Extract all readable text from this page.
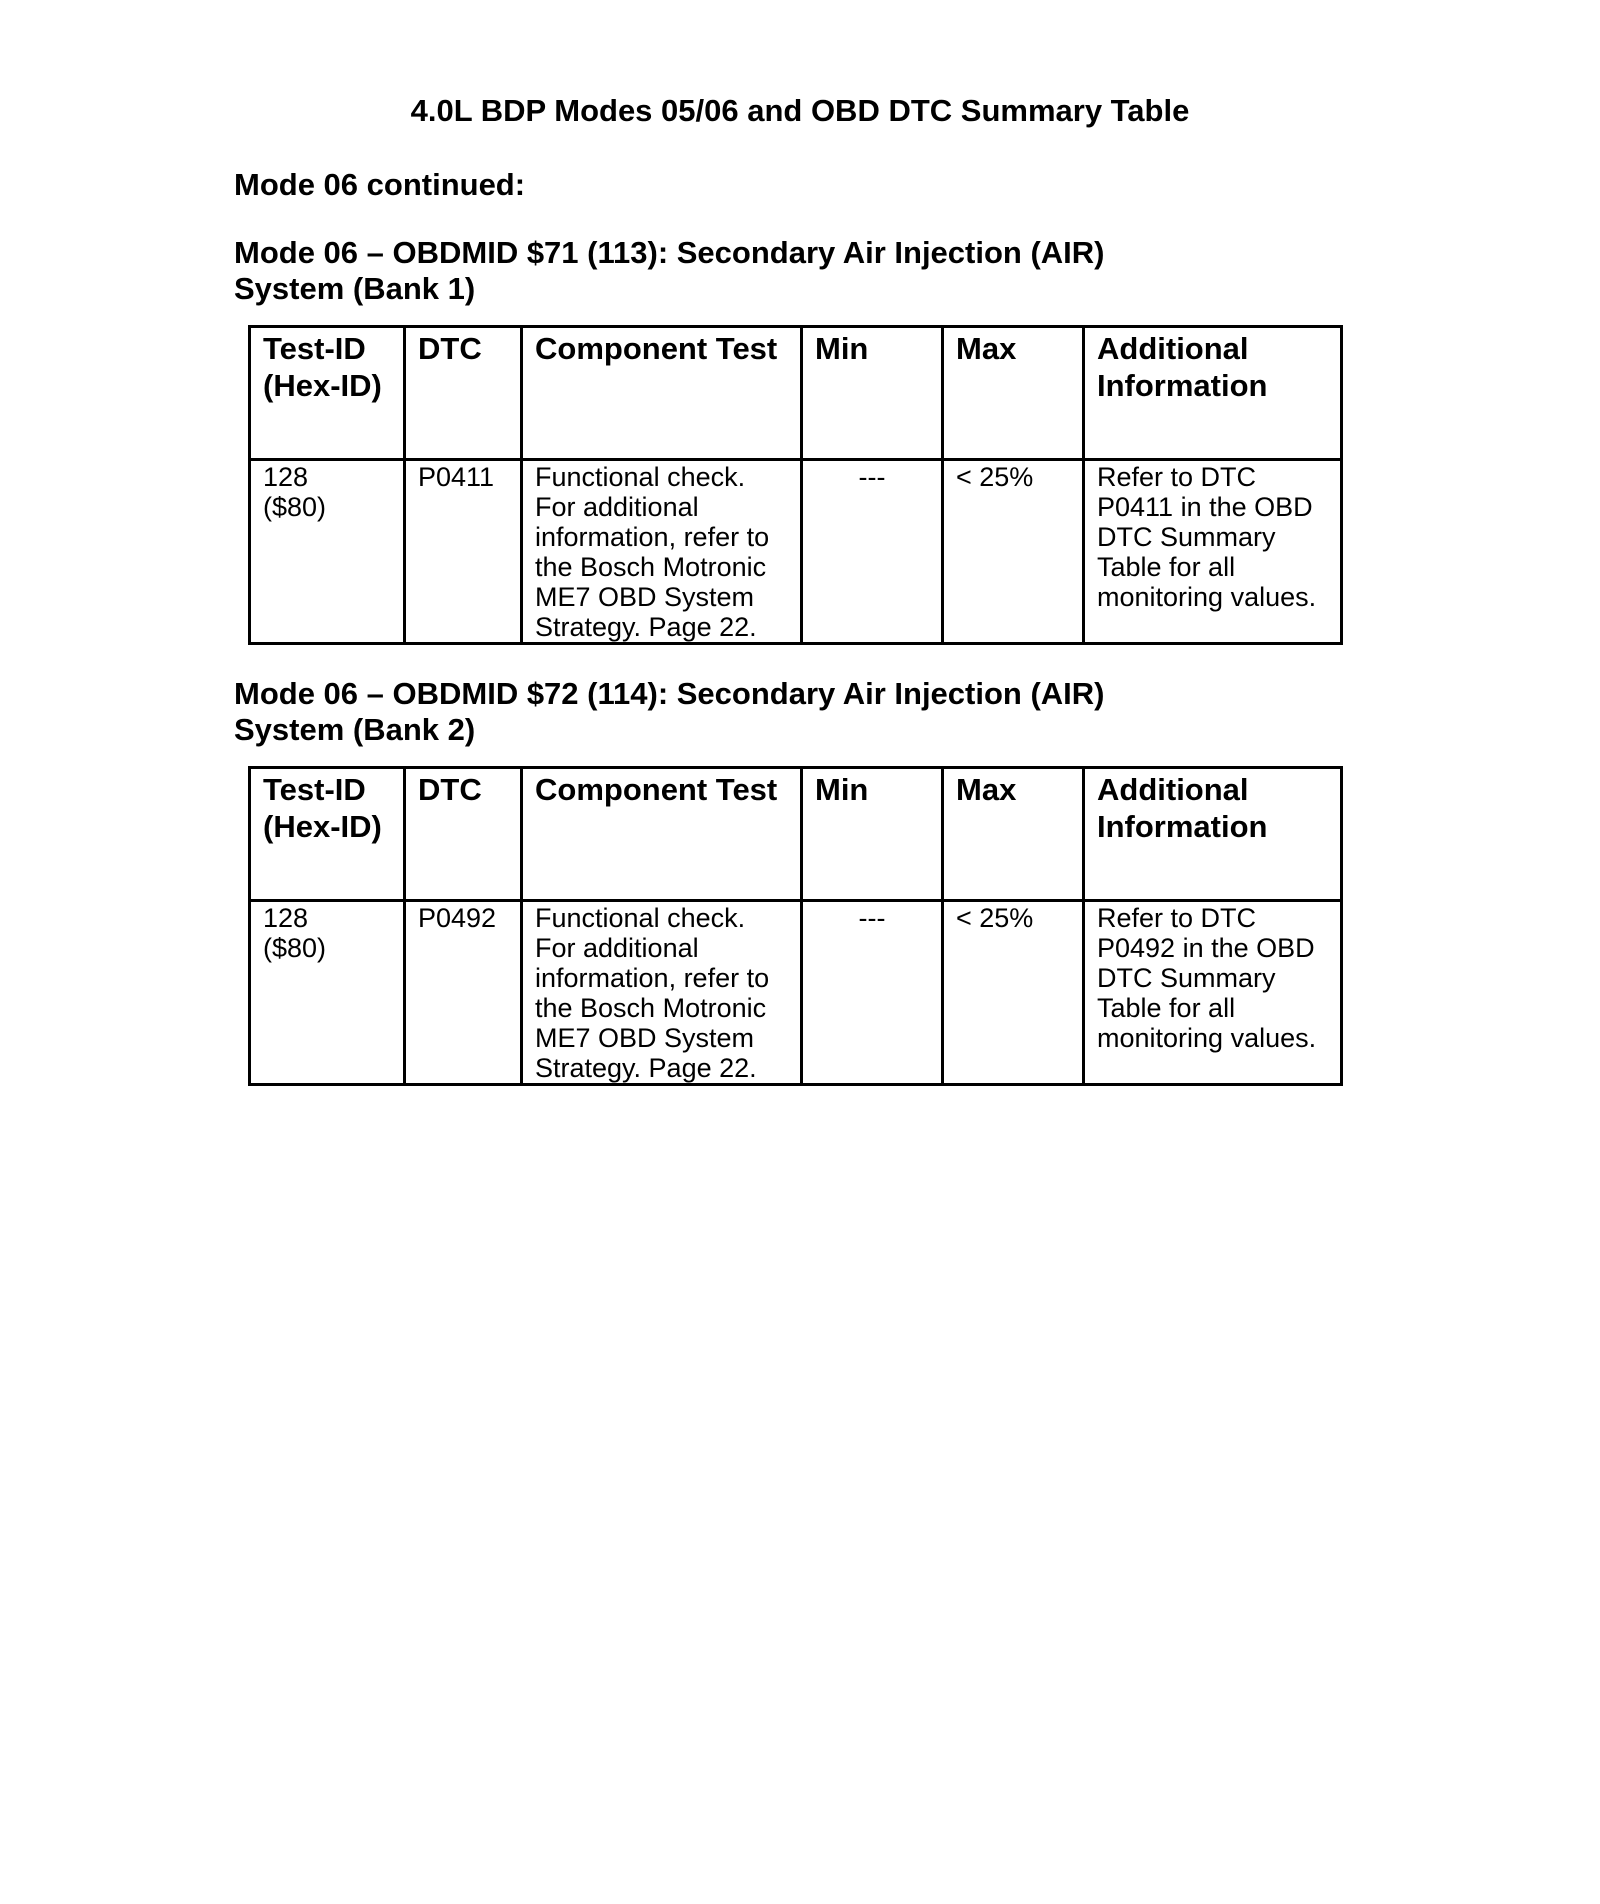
4.0L BDP Modes 05/06 and OBD DTC Summary Table

Mode 06 continued:

Mode 06 – OBDMID $71 (113): Secondary Air Injection (AIR)
System (Bank 1)
Test-ID (Hex-ID)	DTC	Component Test	Min	Max	Additional Information
128
($80)	P0411	Functional check. For additional information, refer to the Bosch Motronic ME7 OBD System Strategy. Page 22.	---	< 25%	Refer to DTC P0411 in the OBD DTC Summary Table for all monitoring values.
Mode 06 – OBDMID $72 (114): Secondary Air Injection (AIR)
System (Bank 2)
Test-ID (Hex-ID)	DTC	Component Test	Min	Max	Additional Information
128
($80)	P0492	Functional check. For additional information, refer to the Bosch Motronic ME7 OBD System Strategy. Page 22.	---	< 25%	Refer to DTC P0492 in the OBD DTC Summary Table for all monitoring values.
